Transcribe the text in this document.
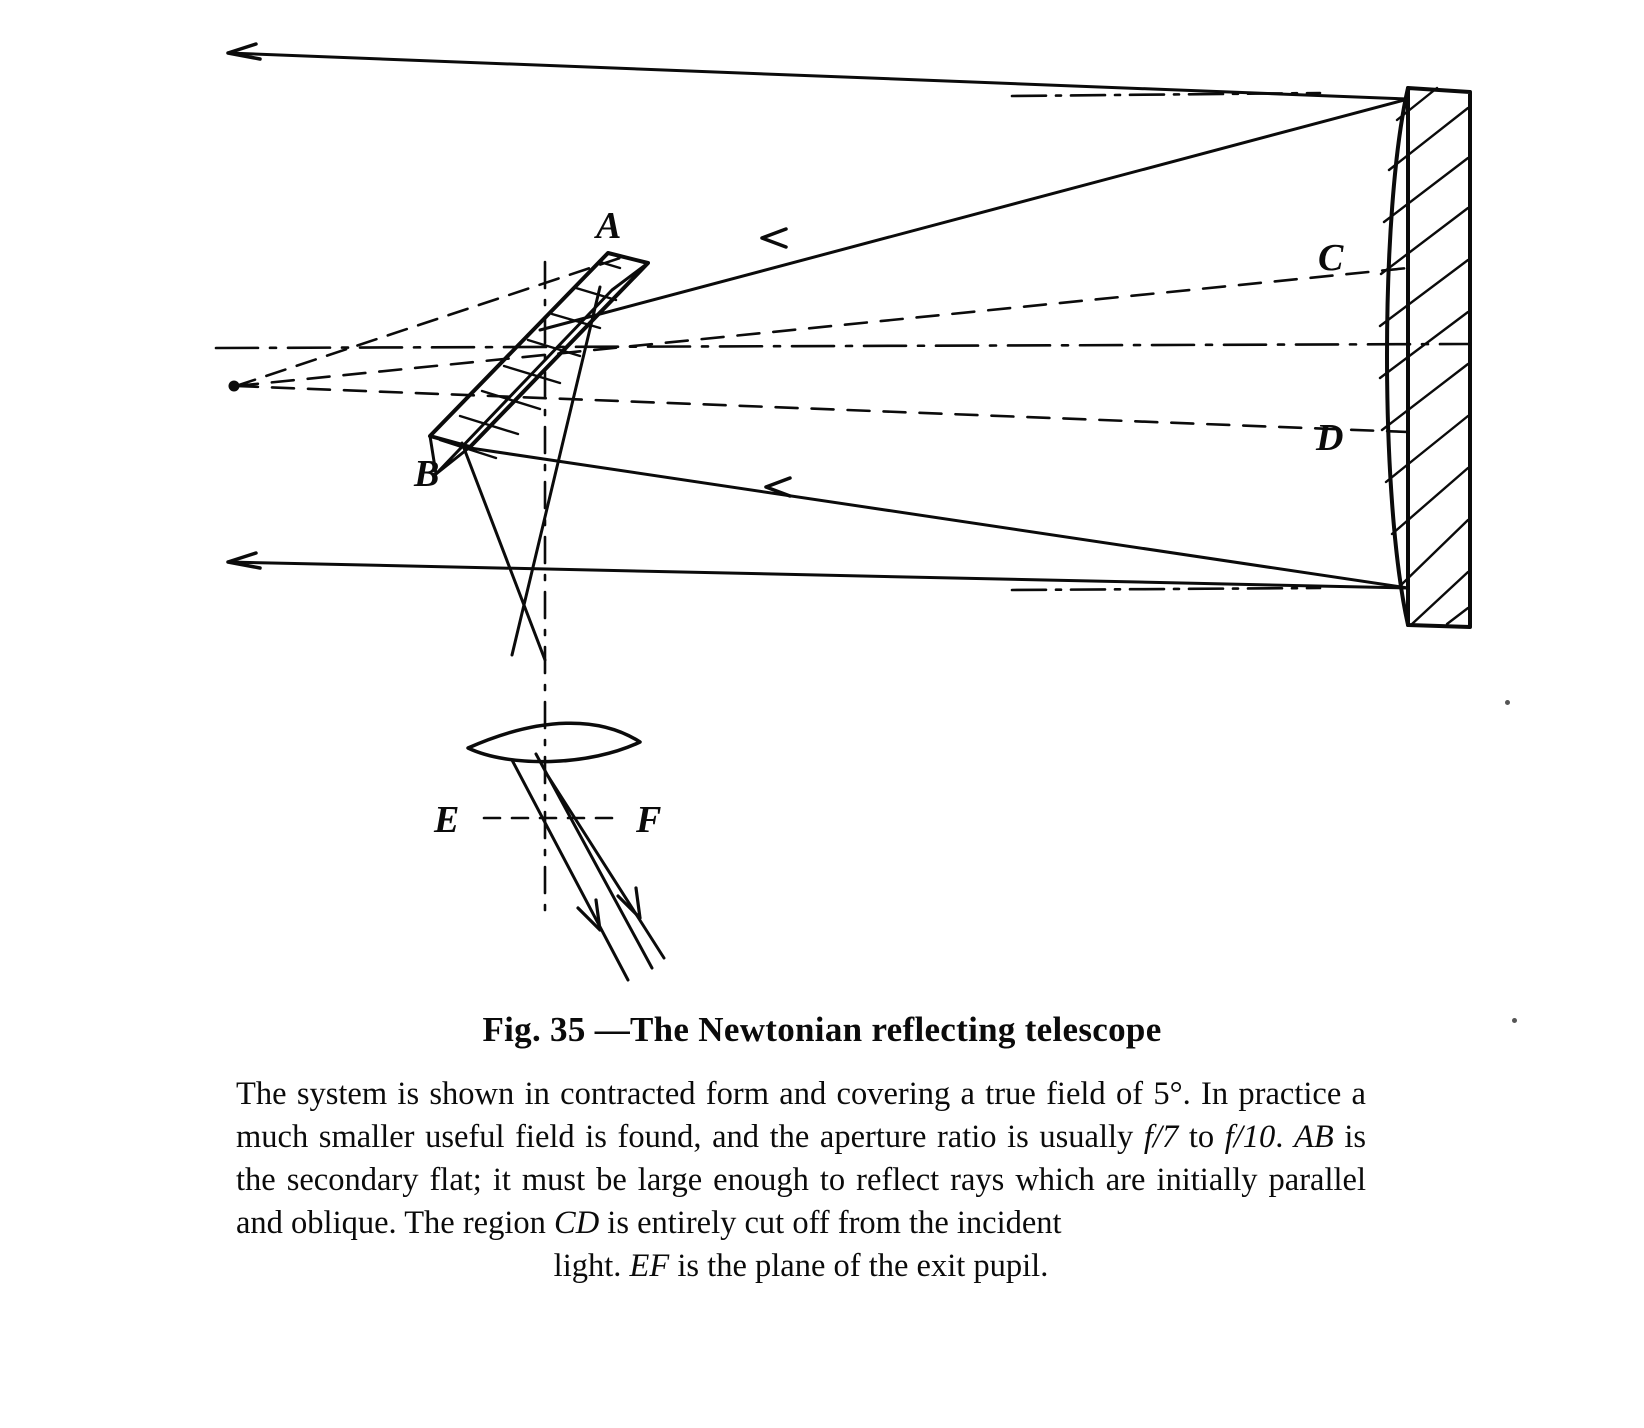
A
B
C
D
E	F
Fig. 35 —The Newtonian reflecting telescope
The system is shown in contracted form and covering a true field of 5°. In practice a much smaller useful field is found, and the aperture ratio is usually f/7 to f/10. AB is the secondary flat; it must be large enough to reflect rays which are initially parallel and oblique. The region CD is entirely cut off from the incident
light. EF is the plane of the exit pupil.
